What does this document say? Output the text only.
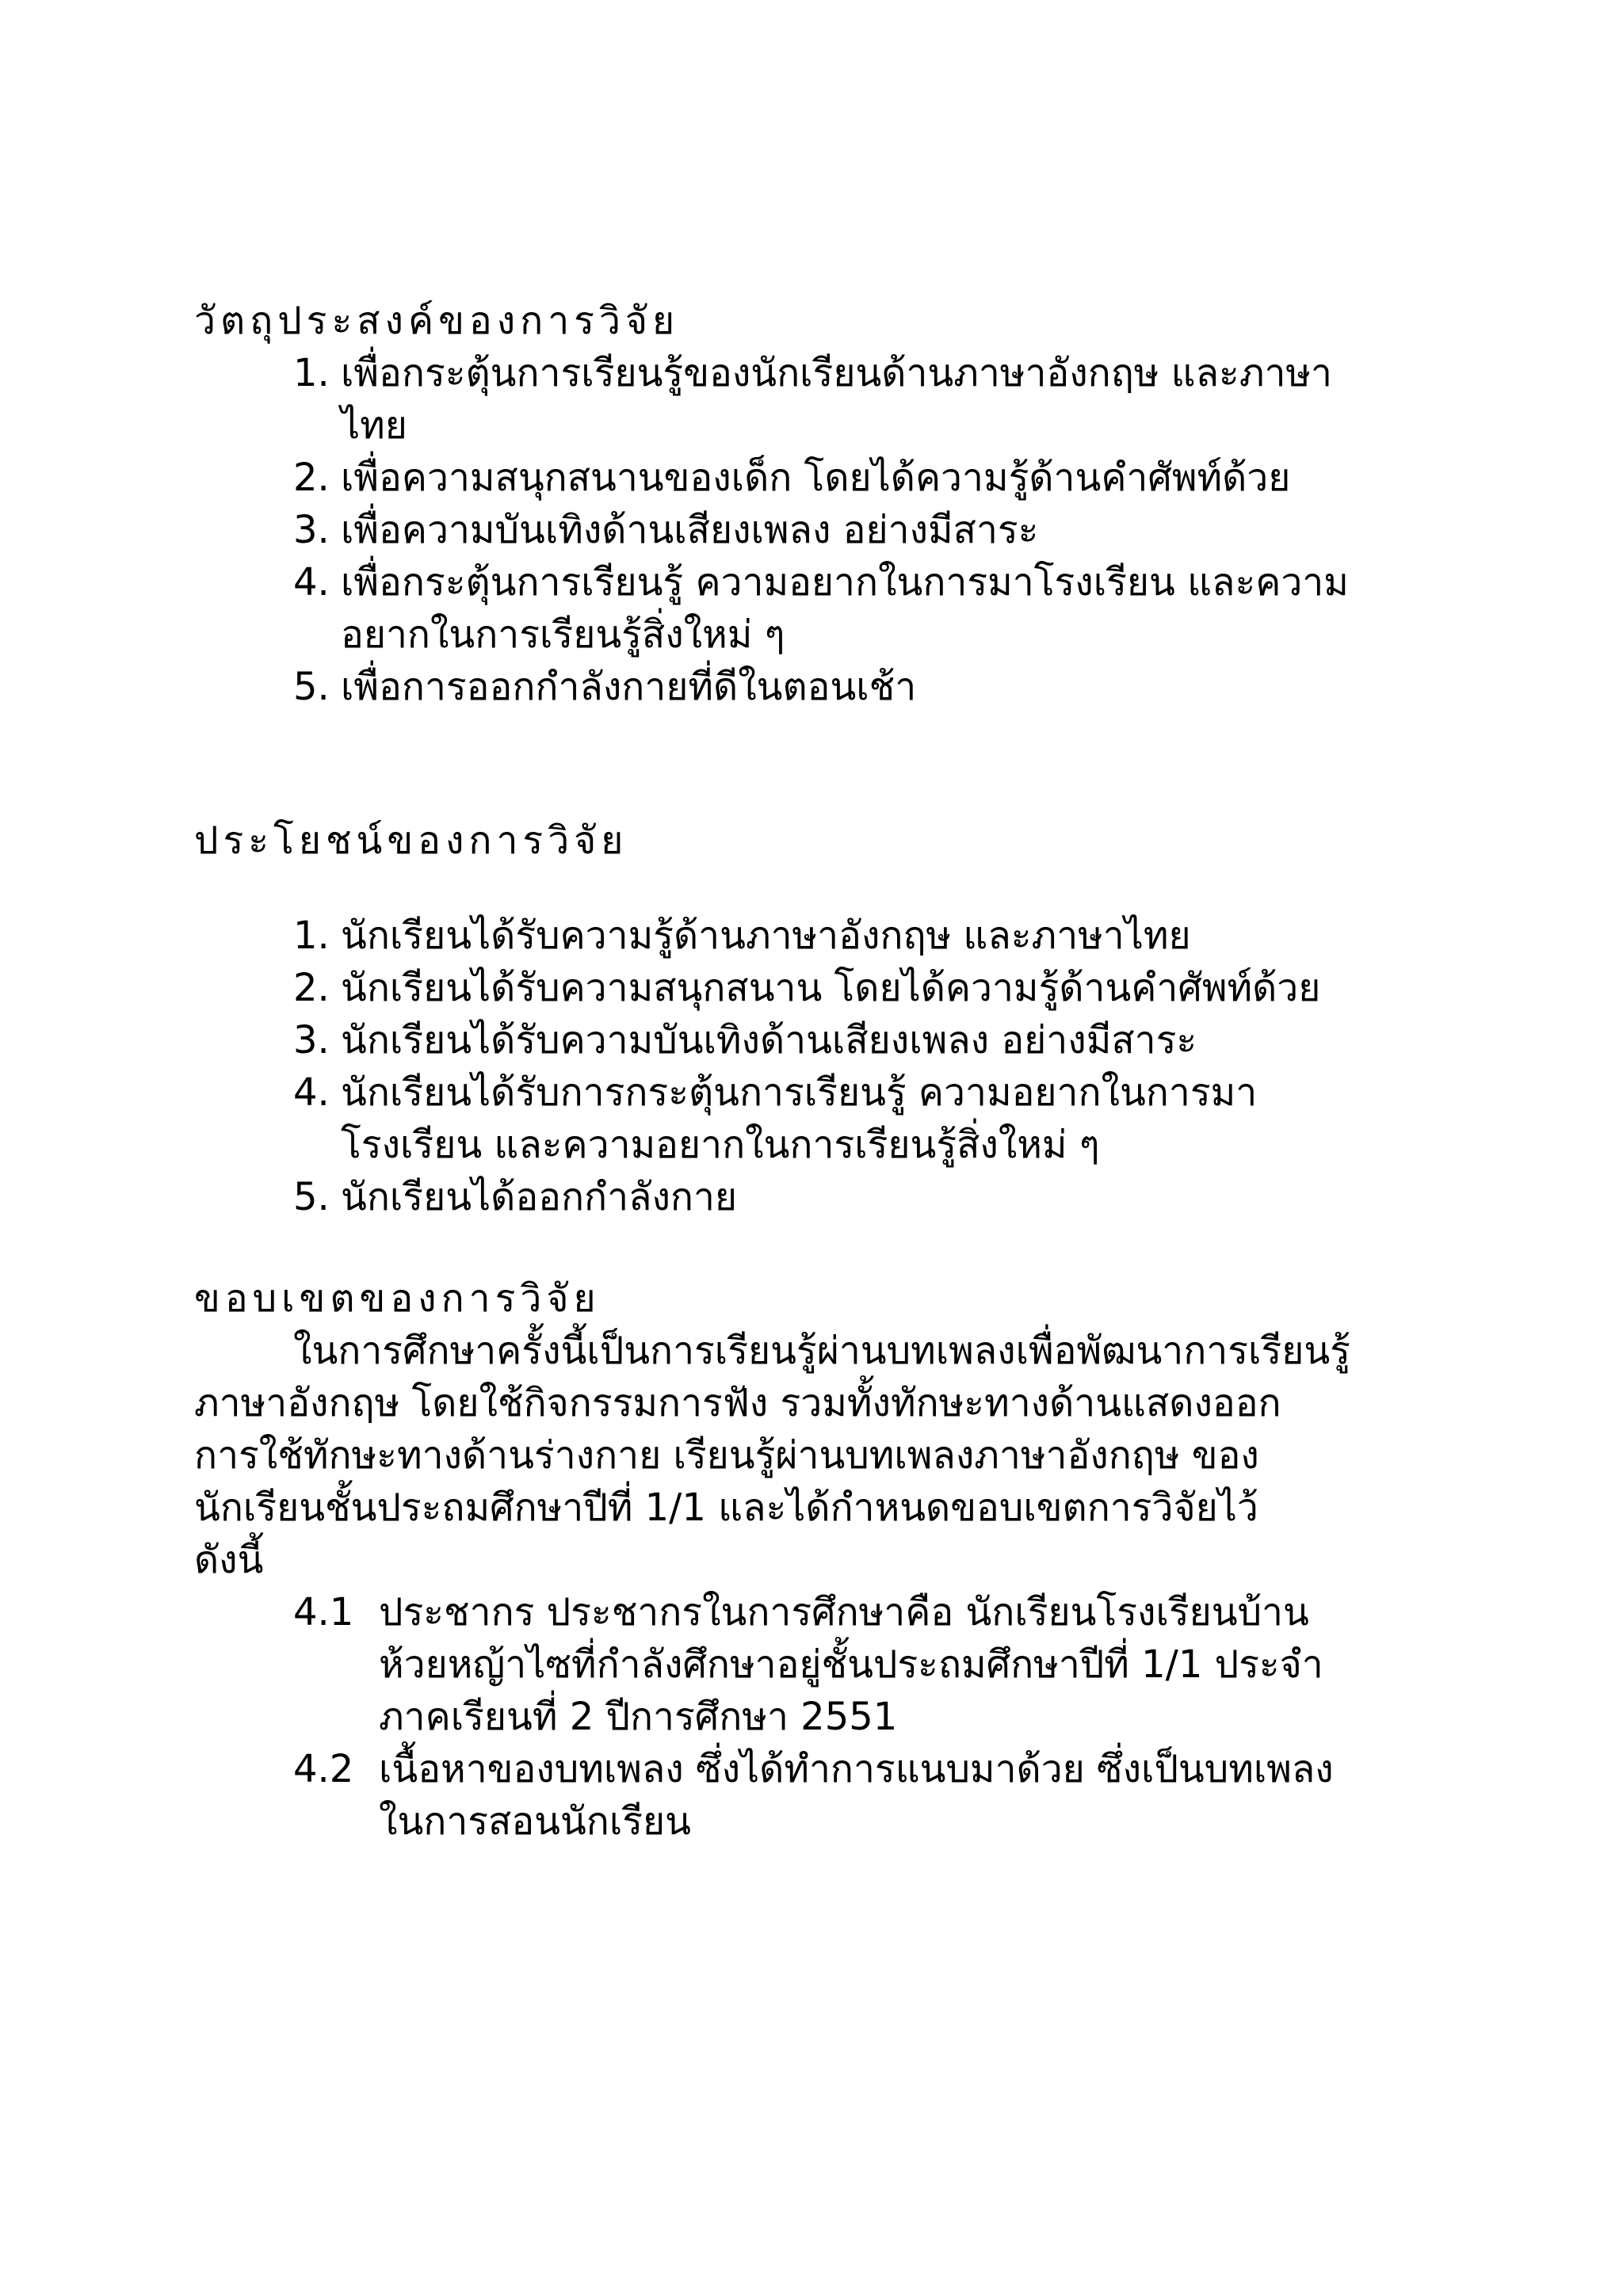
วัตถุประสงค์ของการวิจัย
1. เพื่อกระตุ้นการเรียนรู้ของนักเรียนด้านภาษาอังกฤษ และภาษา
ไทย
2. เพื่อความสนุกสนานของเด็ก โดยได้ความรู้ด้านคำศัพท์ด้วย
3. เพื่อความบันเทิงด้านเสียงเพลง อย่างมีสาระ
4. เพื่อกระตุ้นการเรียนรู้ ความอยากในการมาโรงเรียน และความ
อยากในการเรียนรู้สิ่งใหม่ ๆ
5. เพื่อการออกกำลังกายที่ดีในตอนเช้า
ประโยชน์ของการวิจัย
1. นักเรียนได้รับความรู้ด้านภาษาอังกฤษ และภาษาไทย
2. นักเรียนได้รับความสนุกสนาน โดยได้ความรู้ด้านคำศัพท์ด้วย
3. นักเรียนได้รับความบันเทิงด้านเสียงเพลง อย่างมีสาระ
4. นักเรียนได้รับการกระตุ้นการเรียนรู้ ความอยากในการมา
โรงเรียน และความอยากในการเรียนรู้สิ่งใหม่ ๆ
5. นักเรียนได้ออกกำลังกาย
ขอบเขตของการวิจัย
ในการศึกษาครั้งนี้เป็นการเรียนรู้ผ่านบทเพลงเพื่อพัฒนาการเรียนรู้
ภาษาอังกฤษ โดยใช้กิจกรรมการฟัง รวมทั้งทักษะทางด้านแสดงออก
การใช้ทักษะทางด้านร่างกาย เรียนรู้ผ่านบทเพลงภาษาอังกฤษ ของ
นักเรียนชั้นประถมศึกษาปีที่ 1/1 และได้กำหนดขอบเขตการวิจัยไว้
ดังนี้
4.1 ประชากร ประชากรในการศึกษาคือ นักเรียนโรงเรียนบ้าน
ห้วยหญ้าไซที่กำลังศึกษาอยู่ชั้นประถมศึกษาปีที่ 1/1 ประจำ
ภาคเรียนที่ 2 ปีการศึกษา 2551
4.2 เนื้อหาของบทเพลง ซึ่งได้ทำการแนบมาด้วย ซึ่งเป็นบทเพลง
ในการสอนนักเรียน
